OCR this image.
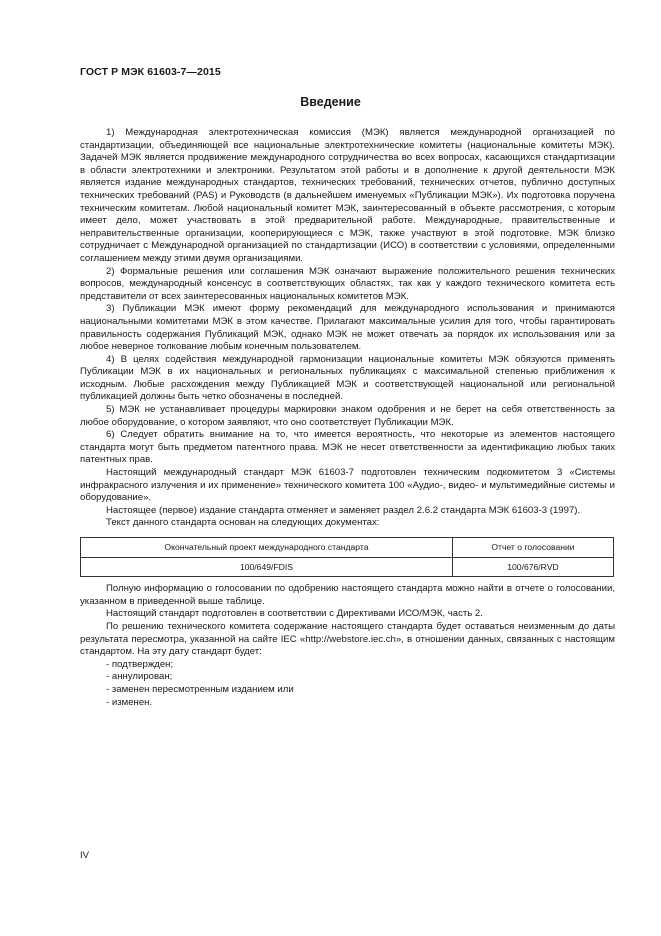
ГОСТ Р МЭК 61603-7—2015
Введение

1) Международная электротехническая комиссия (МЭК) является международной организацией по стандартизации, объединяющей все национальные электротехнические комитеты (национальные комитеты МЭК). Задачей МЭК является продвижение международного сотрудничества во всех вопросах, касающихся стандартизации в области электротехники и электроники. Результатом этой работы и в дополнение к другой деятельности МЭК является издание международных стандартов, технических требований, технических отчетов, публично доступных технических требований (PAS) и Руководств (в дальнейшем именуемых «Публикации МЭК»). Их подготовка поручена техническим комитетам. Любой национальный комитет МЭК, заинтересованный в объекте рассмотрения, с которым имеет дело, может участвовать в этой предварительной работе. Международные, правительственные и неправительственные организации, кооперирующиеся с МЭК, также участвуют в этой подготовке. МЭК близко сотрудничает с Международной организацией по стандартизации (ИСО) в соответствии с условиями, определенными соглашением между этими двумя организациями.

2) Формальные решения или соглашения МЭК означают выражение положительного решения технических вопросов, международный консенсус в соответствующих областях, так как у каждого технического комитета есть представители от всех заинтересованных национальных комитетов МЭК.

3) Публикации МЭК имеют форму рекомендаций для международного использования и принимаются национальными комитетами МЭК в этом качестве. Прилагают максимальные усилия для того, чтобы гарантировать правильность содержания Публикаций МЭК, однако МЭК не может отвечать за порядок их использования или за любое неверное толкование любым конечным пользователем.

4) В целях содействия международной гармонизации национальные комитеты МЭК обязуются применять Публикации МЭК в их национальных и региональных публикациях с максимальной степенью приближения к исходным. Любые расхождения между Публикацией МЭК и соответствующей национальной или региональной публикацией должны быть четко обозначены в последней.

5) МЭК не устанавливает процедуры маркировки знаком одобрения и не берет на себя ответственность за любое оборудование, о котором заявляют, что оно соответствует Публикации МЭК.

6) Следует обратить внимание на то, что имеется вероятность, что некоторые из элементов настоящего стандарта могут быть предметом патентного права. МЭК не несет ответственности за идентификацию любых таких патентных прав.

Настоящий международный стандарт МЭК 61603-7 подготовлен техническим подкомитетом 3 «Системы инфракрасного излучения и их применение» технического комитета 100 «Аудио-, видео- и мультимедийные системы и оборудование».

Настоящее (первое) издание стандарта отменяет и заменяет раздел 2.6.2 стандарта МЭК 61603-3 (1997).

Текст данного стандарта основан на следующих документах:

Окончательный проект международного стандарта	Отчет о голосовании
100/649/FDIS	100/676/RVD

Полную информацию о голосовании по одобрению настоящего стандарта можно найти в отчете о голосовании, указанном в приведенной выше таблице.

Настоящий стандарт подготовлен в соответствии с Директивами ИСО/МЭК, часть 2.

По решению технического комитета содержание настоящего стандарта будет оставаться неизменным до даты результата пересмотра, указанной на сайте IEC «http://webstore.iec.ch», в отношении данных, связанных с настоящим стандартом. На эту дату стандарт будет:

- подтвержден;
- аннулирован;
- заменен пересмотренным изданием или
- изменен.
IV
